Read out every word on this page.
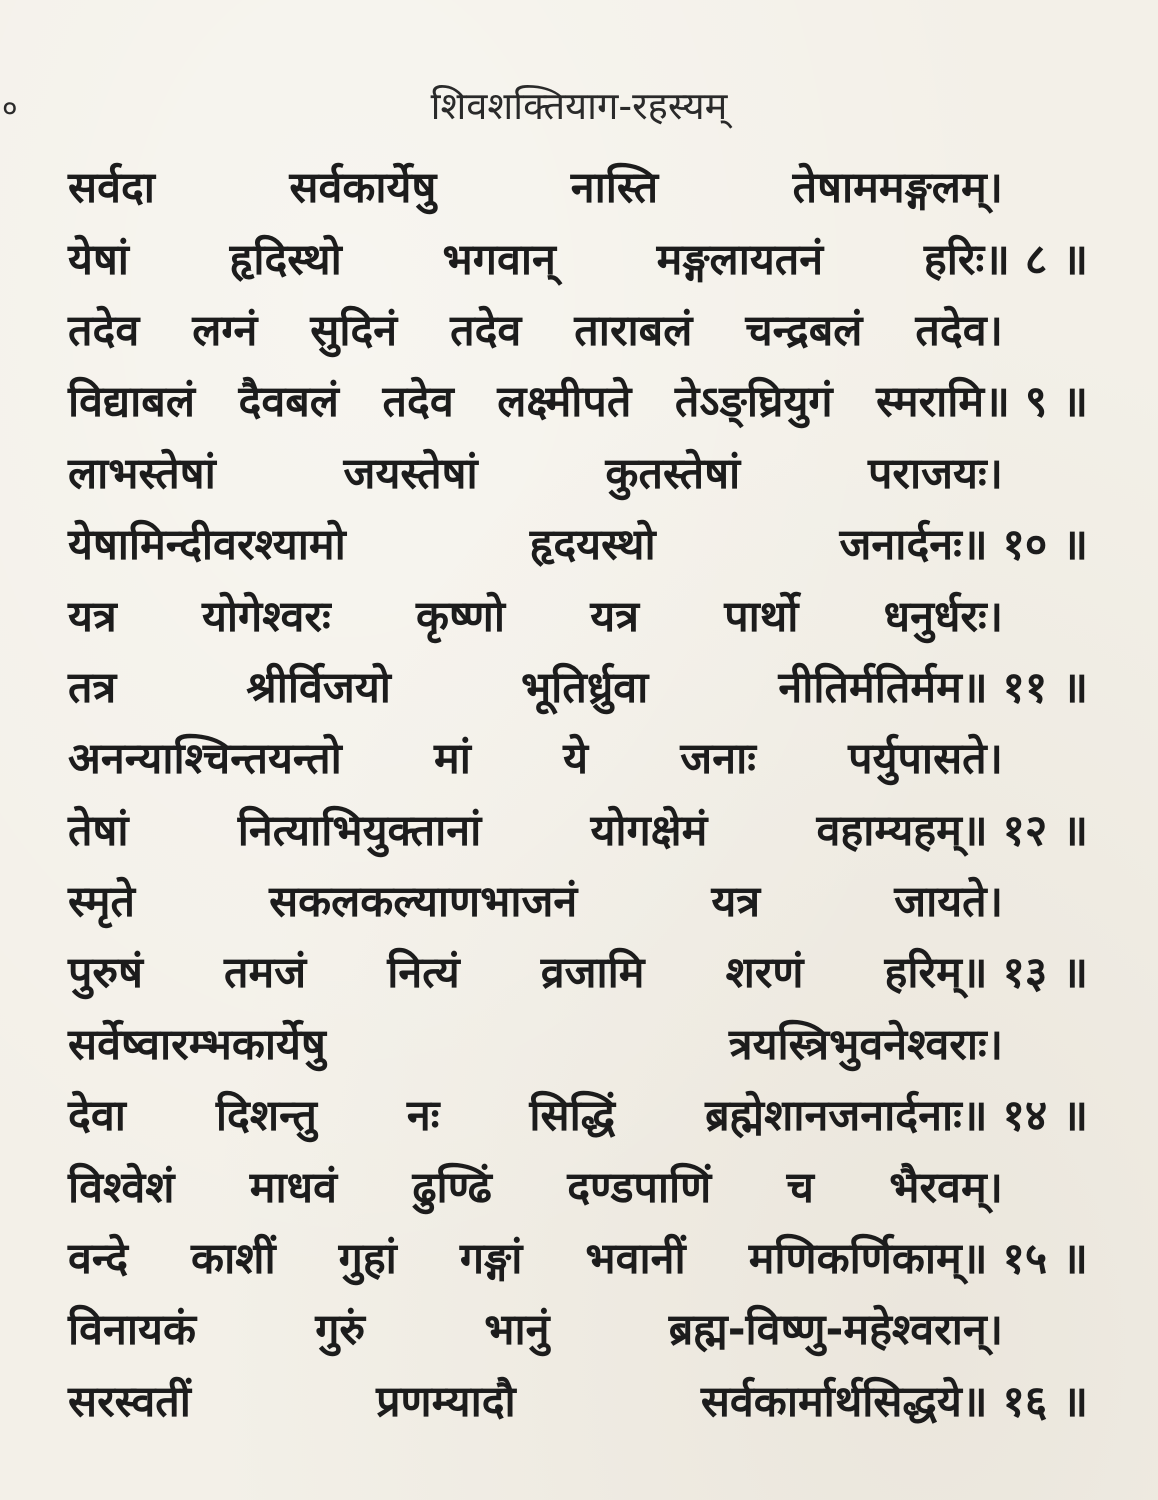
०	शिवशक्तियाग-रहस्यम्
सर्वदा	सर्वकार्येषु	नास्ति	तेषाममङ्गलम्।
येषां हृदिस्थो भगवान् मङ्गलायतनं हरिः॥ ८ ॥
तदेव लग्नं सुदिनं तदेव ताराबलं चन्द्रबलं तदेव।
विद्याबलं दैवबलं तदेव लक्ष्मीपते तेऽङ्घ्रियुगं स्मरामि॥ ९ ॥
लाभस्तेषां	जयस्तेषां	कुतस्तेषां	पराजयः।
येषामिन्दीवरश्यामो	हृदयस्थो	जनार्दनः॥ १० ॥
यत्र योगेश्वरः कृष्णो यत्र पार्थो धनुर्धरः।
तत्र	श्रीर्विजयो	भूतिर्ध्रुवा	नीतिर्मतिर्मम॥ ११ ॥
अनन्याश्चिन्तयन्तो मां ये जनाः पर्युपासते।
तेषां	नित्याभियुक्तानां	योगक्षेमं	वहाम्यहम्॥ १२ ॥
स्मृते	सकलकल्याणभाजनं	यत्र	जायते।
पुरुषं तमजं नित्यं व्रजामि शरणं हरिम्॥ १३ ॥
सर्वेष्वारम्भकार्येषु	त्रयस्त्रिभुवनेश्वराः।
देवा दिशन्तु नः सिद्धिं ब्रह्मेशानजनार्दनाः॥ १४ ॥
विश्वेशं माधवं ढुण्ढिं दण्डपाणिं च भैरवम्।
वन्दे काशीं गुहां गङ्गां भवानीं मणिकर्णिकाम्॥ १५ ॥
विनायकं	गुरुं	भानुं	ब्रह्म-विष्णु-महेश्वरान्।
सरस्वतीं	प्रणम्यादौ	सर्वकार्मार्थसिद्धये॥ १६ ॥
